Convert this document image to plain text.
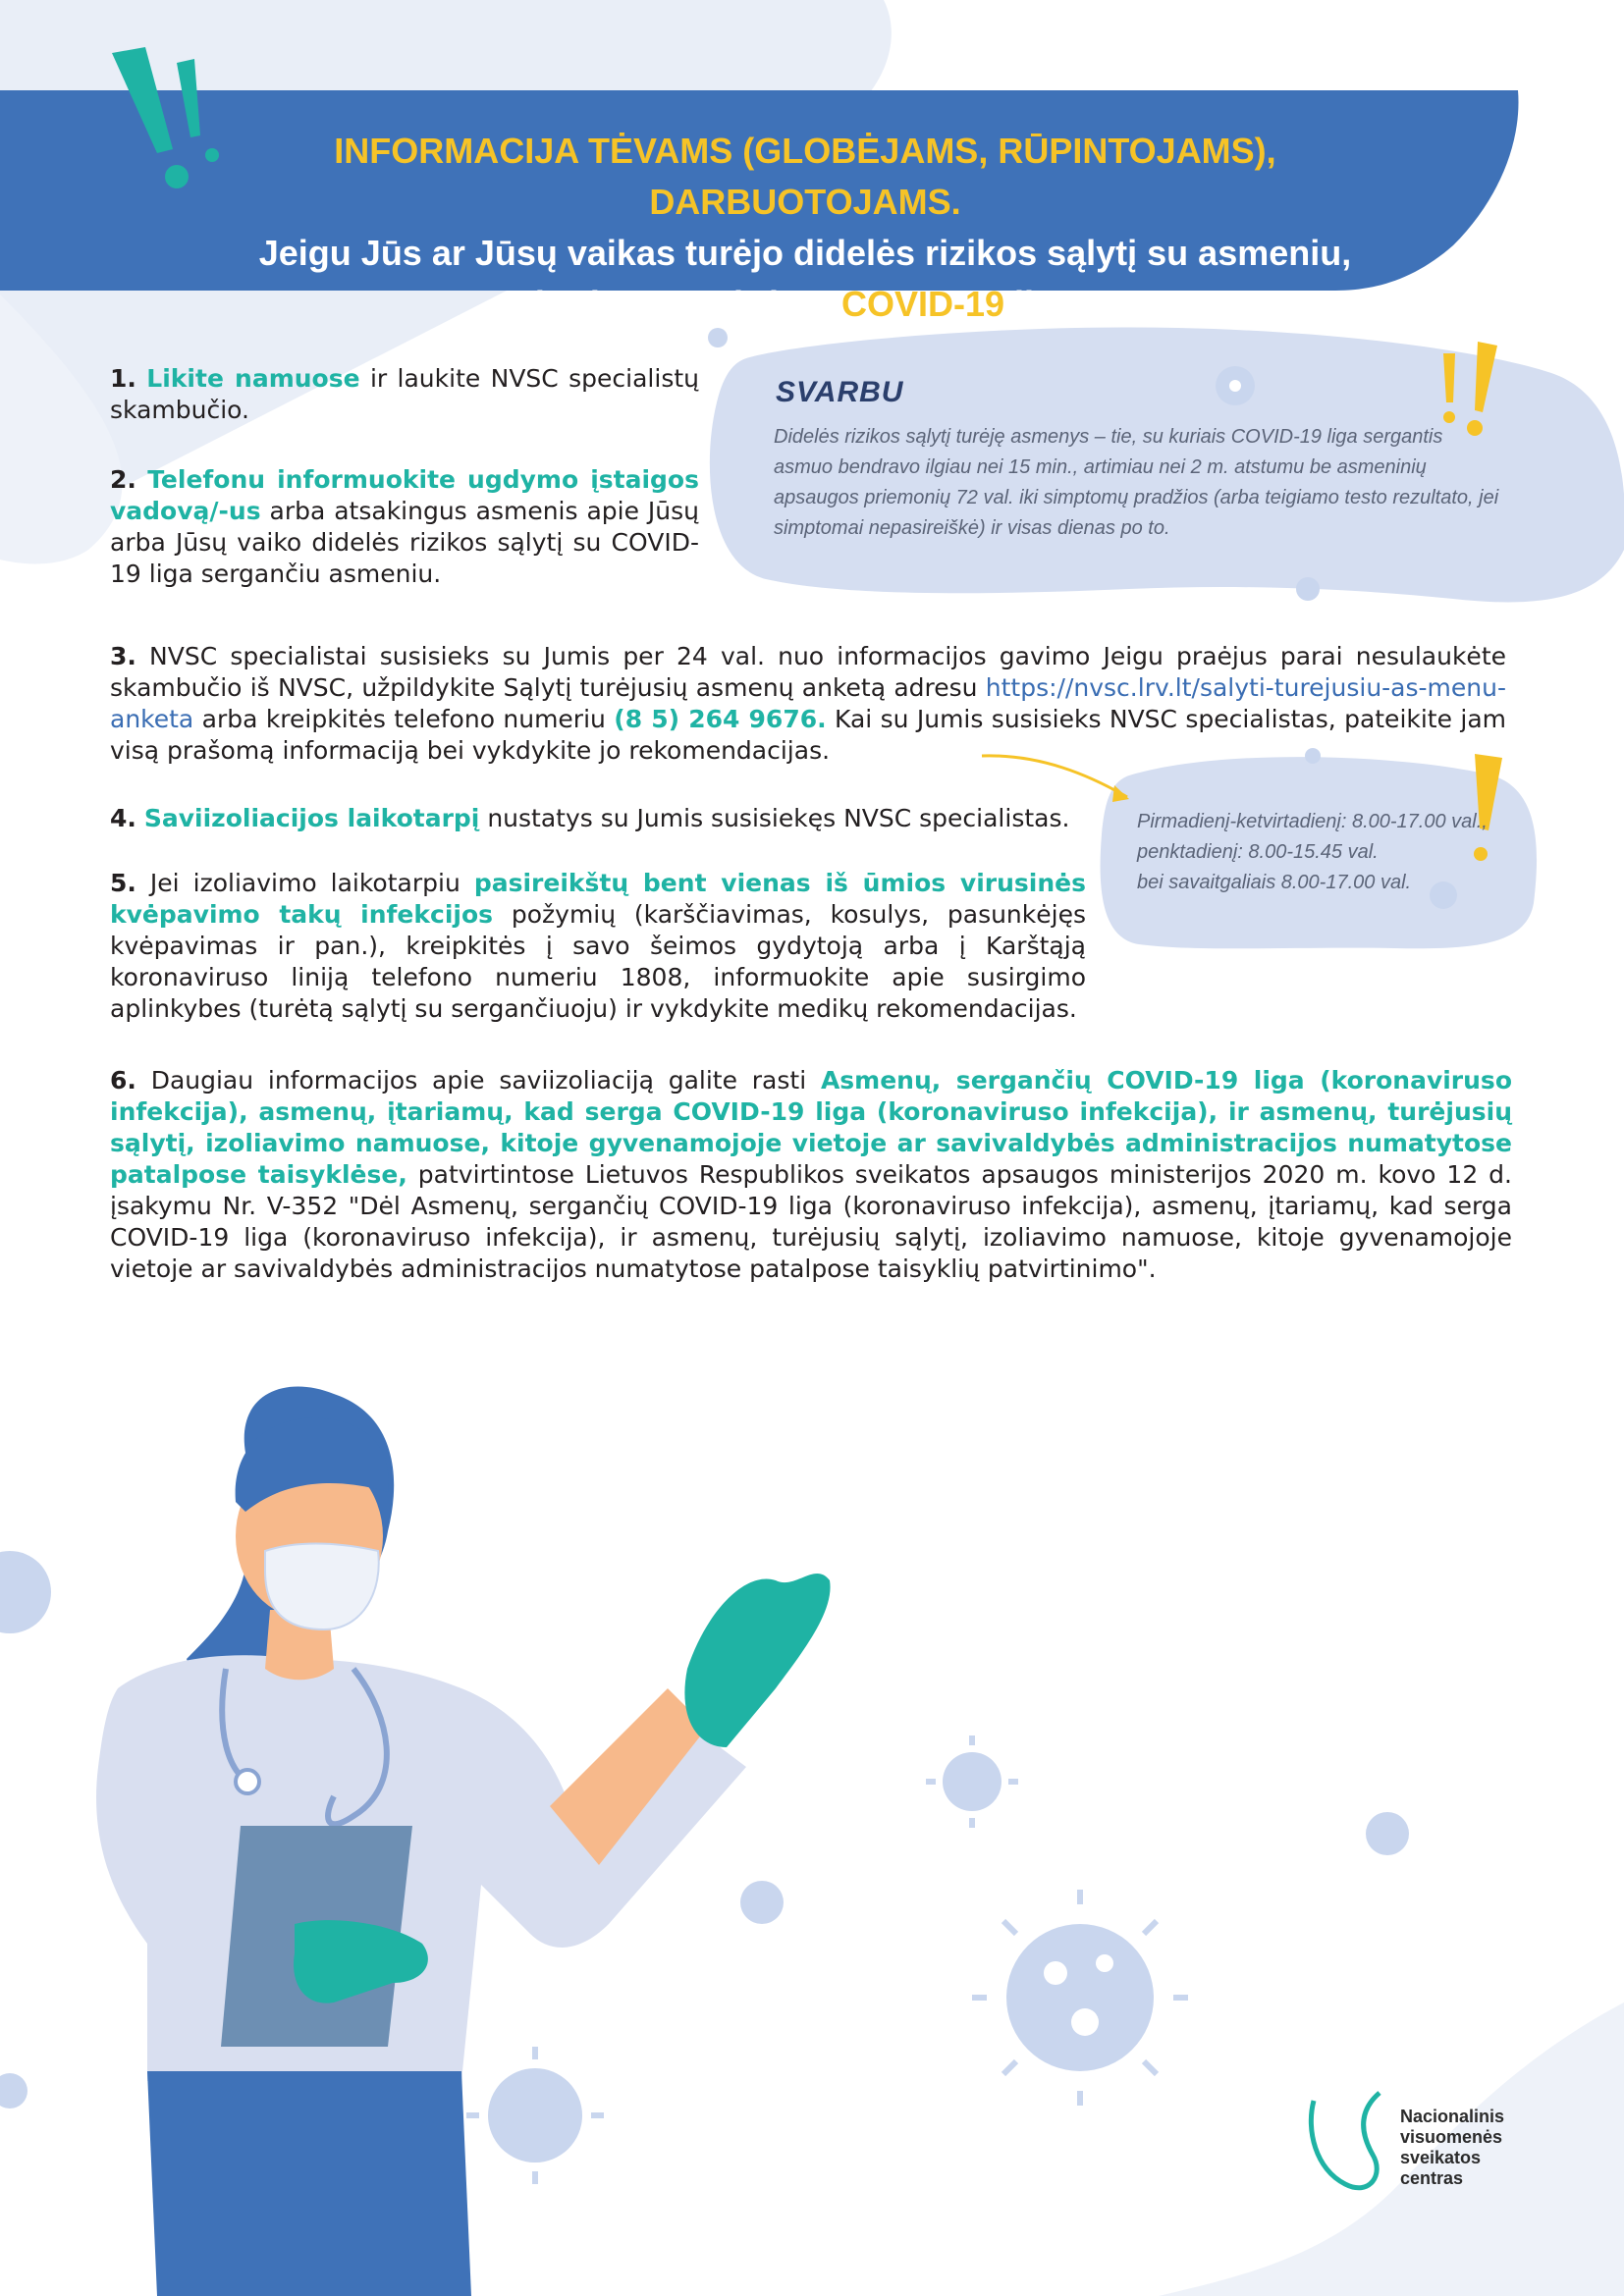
INFORMACIJA TĖVAMS (GLOBĖJAMS, RŪPINTOJAMS), DARBUOTOJAMS.
Jeigu Jūs ar Jūsų vaikas turėjo didelės rizikos sąlytį su asmeniu,
kuriam patvirtinta COVID-19 liga
1. Likite namuose ir laukite NVSC specialistų skambučio.
2. Telefonu informuokite ugdymo įstaigos vadovą/-us arba atsakingus asmenis apie Jūsų arba Jūsų vaiko didelės rizikos sąlytį su COVID-19 liga sergančiu asmeniu.
SVARBU
Didelės rizikos sąlytį turėję asmenys – tie, su kuriais COVID-19 liga sergantis asmuo bendravo ilgiau nei 15 min., artimiau nei 2 m. atstumu be asmeninių apsaugos priemonių 72 val. iki simptomų pradžios (arba teigiamo testo rezultato, jei simptomai nepasireiškė) ir visas dienas po to.
3. NVSC specialistai susisieks su Jumis per 24 val. nuo informacijos gavimo Jeigu praėjus parai nesulaukėte skambučio iš NVSC, užpildykite Sąlytį turėjusių asmenų anketą adresu https://nvsc.lrv.lt/salyti-turejusiu-as-menu-anketa arba kreipkitės telefono numeriu (8 5) 264 9676. Kai su Jumis susisieks NVSC specialistas, pateikite jam visą prašomą informaciją bei vykdykite jo rekomendacijas.
Pirmadienį-ketvirtadienį: 8.00-17.00 val.,
penktadienį: 8.00-15.45 val.
bei savaitgaliais 8.00-17.00 val.
4. Saviizoliacijos laikotarpį nustatys su Jumis susisiekęs NVSC specialistas.
5. Jei izoliavimo laikotarpiu pasireikštų bent vienas iš ūmios virusinės kvėpavimo takų infekcijos požymių (karščiavimas, kosulys, pasunkėjęs kvėpavimas ir pan.), kreipkitės į savo šeimos gydytoją arba į Karštąją koronaviruso liniją telefono numeriu 1808, informuokite apie susirgimo aplinkybes (turėtą sąlytį su sergančiuoju) ir vykdykite medikų rekomendacijas.
6. Daugiau informacijos apie saviizoliaciją galite rasti Asmenų, sergančių COVID-19 liga (koronaviruso infekcija), asmenų, įtariamų, kad serga COVID-19 liga (koronaviruso infekcija), ir asmenų, turėjusių sąlytį, izoliavimo namuose, kitoje gyvenamojoje vietoje ar savivaldybės administracijos numatytose patalpose taisyklėse, patvirtintose Lietuvos Respublikos sveikatos apsaugos ministerijos 2020 m. kovo 12 d. įsakymu Nr. V-352 "Dėl Asmenų, sergančių COVID-19 liga (koronaviruso infekcija), asmenų, įtariamų, kad serga COVID-19 liga (koronaviruso infekcija), ir asmenų, turėjusių sąlytį, izoliavimo namuose, kitoje gyvenamojoje vietoje ar savivaldybės administracijos numatytose patalpose taisyklių patvirtinimo".
Nacionalinis
visuomenės
sveikatos
centras
